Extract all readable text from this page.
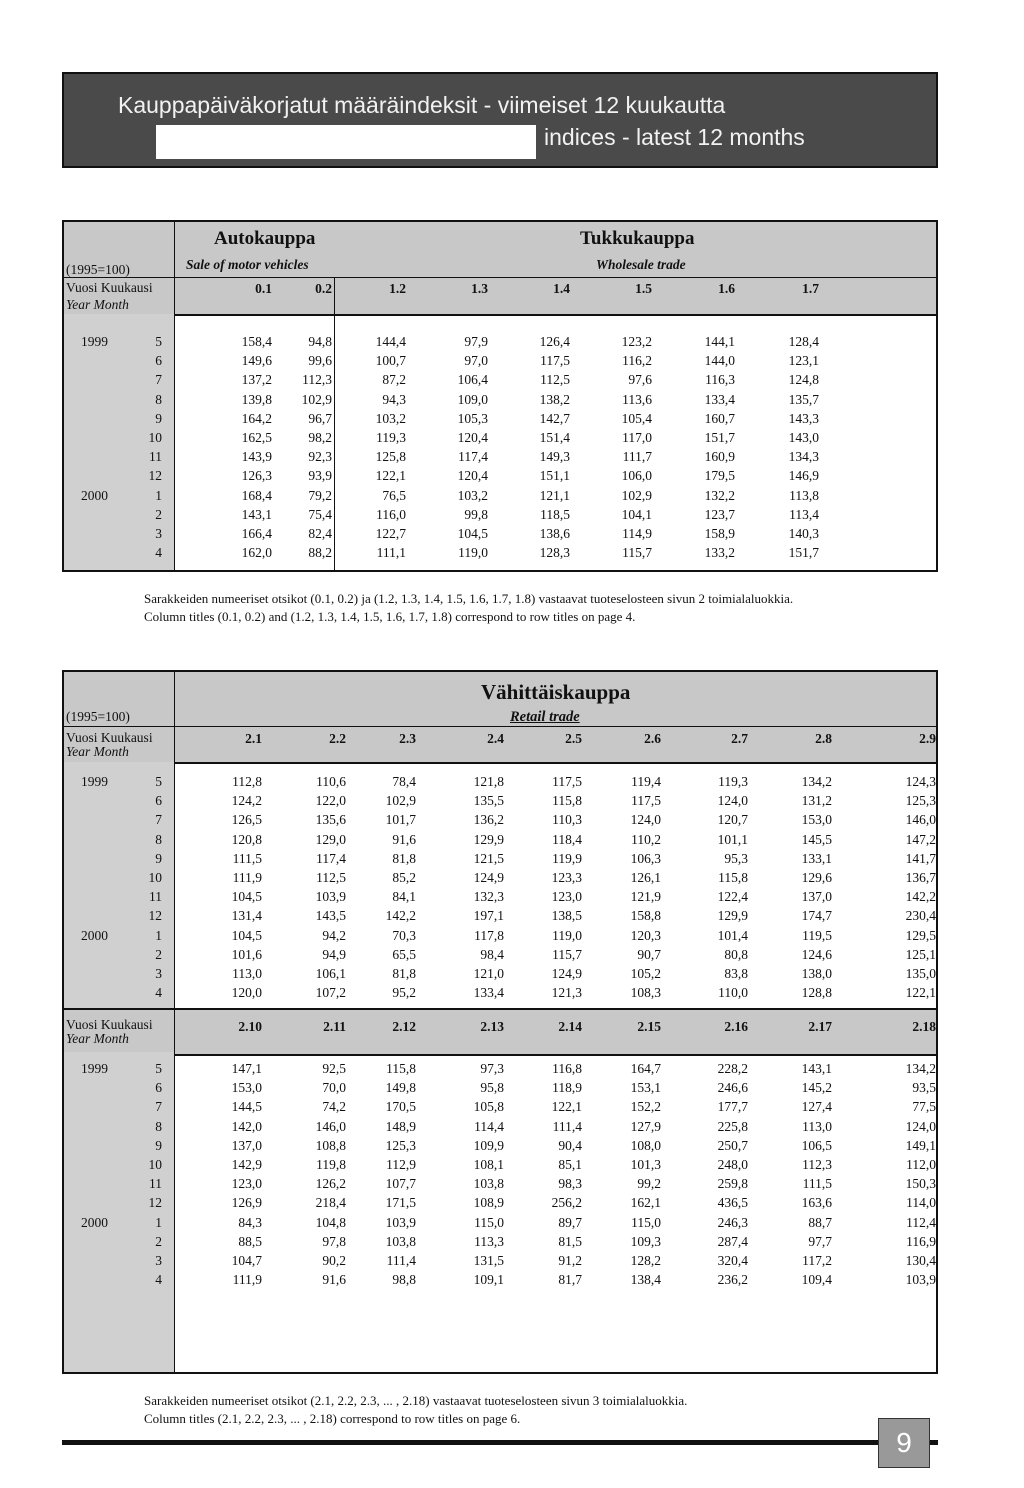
Kauppapäiväkorjatut määräindeksit - viimeiset 12 kuukautta
indices - latest 12 months
(1995=100)
Autokauppa
Sale of motor vehicles
Tukkukauppa
Wholesale trade
Vuosi Kuukausi
Year Month
0.1	0.2	1.2	1.3	1.4	1.5	1.6	1.7
1999	5	158,4	94,8	144,4	97,9	126,4	123,2	144,1	128,4
6	149,6	99,6	100,7	97,0	117,5	116,2	144,0	123,1
7	137,2	112,3	87,2	106,4	112,5	97,6	116,3	124,8
8	139,8	102,9	94,3	109,0	138,2	113,6	133,4	135,7
9	164,2	96,7	103,2	105,3	142,7	105,4	160,7	143,3
10	162,5	98,2	119,3	120,4	151,4	117,0	151,7	143,0
11	143,9	92,3	125,8	117,4	149,3	111,7	160,9	134,3
12	126,3	93,9	122,1	120,4	151,1	106,0	179,5	146,9
2000	1	168,4	79,2	76,5	103,2	121,1	102,9	132,2	113,8
2	143,1	75,4	116,0	99,8	118,5	104,1	123,7	113,4
3	166,4	82,4	122,7	104,5	138,6	114,9	158,9	140,3
4	162,0	88,2	111,1	119,0	128,3	115,7	133,2	151,7
Sarakkeiden numeeriset otsikot (0.1, 0.2) ja (1.2, 1.3, 1.4, 1.5, 1.6, 1.7, 1.8) vastaavat tuoteselosteen sivun 2 toimialaluokkia.
Column titles (0.1, 0.2) and (1.2, 1.3, 1.4, 1.5, 1.6, 1.7, 1.8) correspond to row titles on page 4.
(1995=100)
Vähittäiskauppa
Retail trade
Vuosi Kuukausi
Year Month
2.1	2.2	2.3	2.4	2.5	2.6	2.7	2.8	2.9
1999	5	112,8	110,6	78,4	121,8	117,5	119,4	119,3	134,2	124,3
6	124,2	122,0	102,9	135,5	115,8	117,5	124,0	131,2	125,3
7	126,5	135,6	101,7	136,2	110,3	124,0	120,7	153,0	146,0
8	120,8	129,0	91,6	129,9	118,4	110,2	101,1	145,5	147,2
9	111,5	117,4	81,8	121,5	119,9	106,3	95,3	133,1	141,7
10	111,9	112,5	85,2	124,9	123,3	126,1	115,8	129,6	136,7
11	104,5	103,9	84,1	132,3	123,0	121,9	122,4	137,0	142,2
12	131,4	143,5	142,2	197,1	138,5	158,8	129,9	174,7	230,4
2000	1	104,5	94,2	70,3	117,8	119,0	120,3	101,4	119,5	129,5
2	101,6	94,9	65,5	98,4	115,7	90,7	80,8	124,6	125,1
3	113,0	106,1	81,8	121,0	124,9	105,2	83,8	138,0	135,0
4	120,0	107,2	95,2	133,4	121,3	108,3	110,0	128,8	122,1
Vuosi Kuukausi
Year Month
2.10	2.11	2.12	2.13	2.14	2.15	2.16	2.17	2.18
1999	5	147,1	92,5	115,8	97,3	116,8	164,7	228,2	143,1	134,2
6	153,0	70,0	149,8	95,8	118,9	153,1	246,6	145,2	93,5
7	144,5	74,2	170,5	105,8	122,1	152,2	177,7	127,4	77,5
8	142,0	146,0	148,9	114,4	111,4	127,9	225,8	113,0	124,0
9	137,0	108,8	125,3	109,9	90,4	108,0	250,7	106,5	149,1
10	142,9	119,8	112,9	108,1	85,1	101,3	248,0	112,3	112,0
11	123,0	126,2	107,7	103,8	98,3	99,2	259,8	111,5	150,3
12	126,9	218,4	171,5	108,9	256,2	162,1	436,5	163,6	114,0
2000	1	84,3	104,8	103,9	115,0	89,7	115,0	246,3	88,7	112,4
2	88,5	97,8	103,8	113,3	81,5	109,3	287,4	97,7	116,9
3	104,7	90,2	111,4	131,5	91,2	128,2	320,4	117,2	130,4
4	111,9	91,6	98,8	109,1	81,7	138,4	236,2	109,4	103,9
Sarakkeiden numeeriset otsikot (2.1, 2.2, 2.3, ... , 2.18) vastaavat tuoteselosteen sivun 3 toimialaluokkia.
Column titles (2.1, 2.2, 2.3, ... , 2.18) correspond to row titles on page 6.
9
